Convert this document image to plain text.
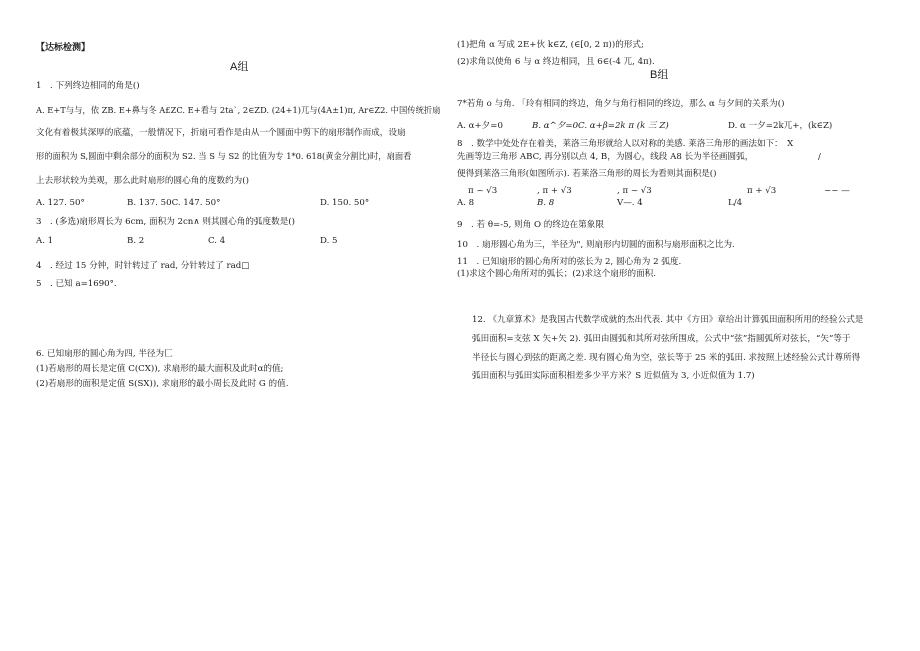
【达标检测】
A组
1　. 下列终边相同的角是()
A. E+T与与，依 ZB. E+鼻与冬 A£ZC. E+看与 2ta`, 2∈ZD. (24+1)兀与(4A±1)π, Ar∈Z2. 中国传统折扇
文化有着极其深厚的底蕴，一般情况下，折扇可看作是由从一个圆面中剪下的扇形制作而成，设扇
形的面积为 S,圆面中剩余部分的面积为 S2. 当 S 与 S2 的比值为专 1*0. 618(黄金分割比)时，扇面看
上去形状较为美观，那么此时扇形的圆心角的度数约为()
A. 127. 50°	B. 137. 50C. 147. 50°	D. 150. 50°
3　. (多选)扇形周长为 6cm, 面积为 2cn∧ 则其圆心角的弧度数是()
A. 1	B. 2	C. 4	D. 5
4　. 经过 15 分钟，时针转过了 rad, 分针转过了 rad□
5　. 已知 a=1690°.
6. 已知扇形的圆心角为四, 半径为匚
(1)若扇形的周长是定值 C(CX)), 求扇形的最大面积及此时α的值;
(2)若扇形的面积是定值 S(SX)), 求扇形的最小周长及此时 G 的值.
(1)把角 α 写成 2E+伙 k∈Z, (∈[0, 2 π))的形式;
(2)求角以使角 6 与 α 终边相同，且 6∈(-4 兀, 4π).
B组
7*若角 o 与角. 「玲有相同的终边，角夕与角行相同的终边，那么 α 与夕间的关系为()
A. α+夕=0	B. α^夕=0C. α+β=2k π (k 三 Z)	D. α 一夕=2k兀+，(k∈Z)
8　. 数学中处处存在着美，莱洛三角形就给人以对称的美感. 莱洛三角形的画法如下：　X
先画等边三角形 ABC, 再分别以点 4, B，为圆心，线段 A8 长为半径画圆弧，	/
便得到莱洛三角形(如图所示). 若莱洛三角形的周长为看则其面积是()
π ~ √3	, π + √3	, π ~ √3	π + √3	~~ —
A. 8	B. 8	V—. 4	L/4
9　. 若 θ=-5, 则角 O 的终边在第象限
10　. 扇形圆心角为三，半径为", 则扇形内切圆的面积与扇形面积之比为.
11　. 已知扇形的圆心角所对的弦长为 2, 圆心角为 2 弧度.
(1)求这个圆心角所对的弧长；(2)求这个扇形的面积.
12. 《九章算术》是我国古代数学成就的杰出代表. 其中《方田》章给出计算弧田面积所用的经验公式是
弧田面积=支弦 X 矢+矢 2). 弧田由圆弧和其所对弦所围成，公式中“弦”指圆弧所对弦长，“矢”等于
半径长与圆心到弦的距离之差. 现有圆心角为空，弦长等于 25 米的弧田. 求按照上述经验公式计尊所得
弧田面积与弧田实际面积相差多少平方米？S 近似值为 3, 小近似值为 1.7)
